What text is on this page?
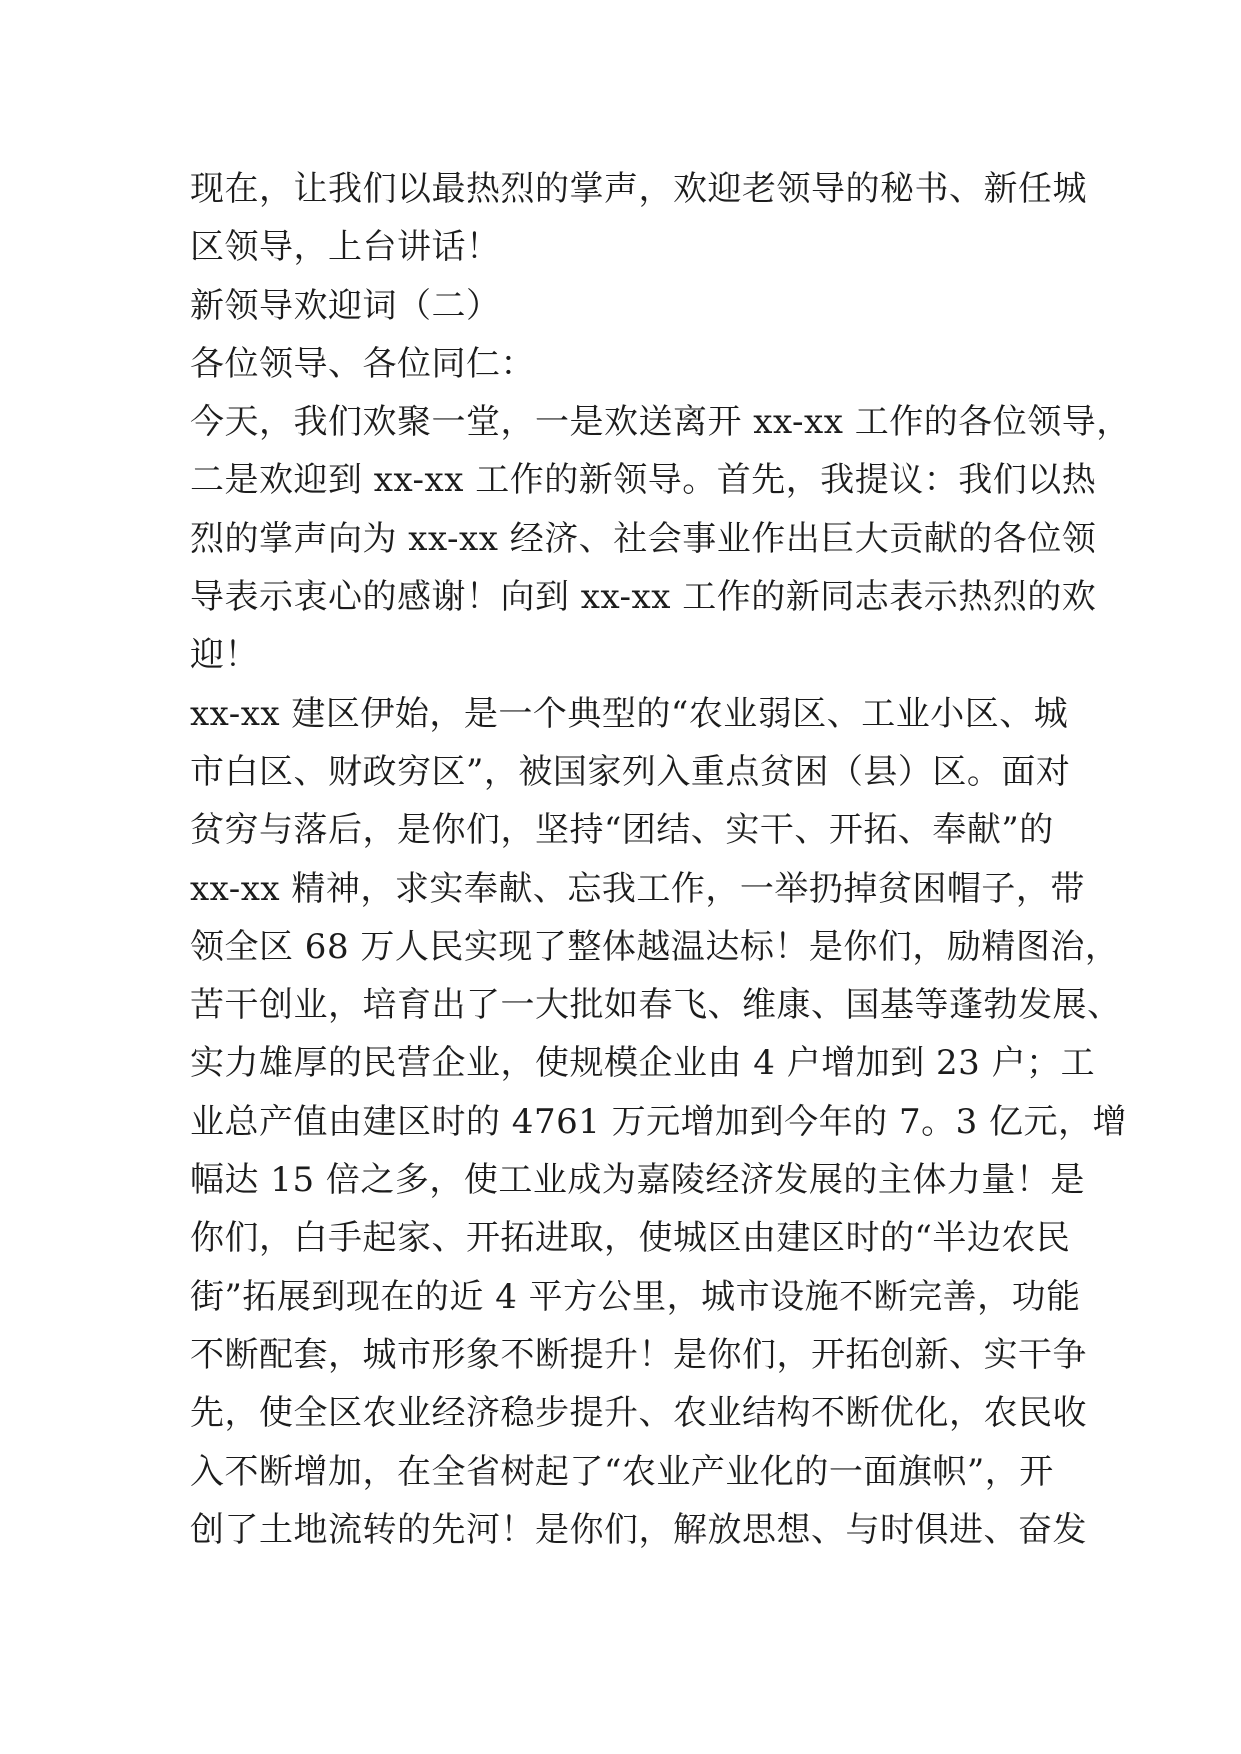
现在，让我们以最热烈的掌声，欢迎老领导的秘书、新任城
区领导，上台讲话！
新领导欢迎词（二）
各位领导、各位同仁：
今天，我们欢聚一堂，一是欢送离开 xx-xx 工作的各位领导，
二是欢迎到 xx-xx 工作的新领导。首先，我提议：我们以热
烈的掌声向为 xx-xx 经济、社会事业作出巨大贡献的各位领
导表示衷心的感谢！向到 xx-xx 工作的新同志表示热烈的欢
迎！
xx-xx 建区伊始，是一个典型的“农业弱区、工业小区、城
市白区、财政穷区”，被国家列入重点贫困（县）区。面对
贫穷与落后，是你们，坚持“团结、实干、开拓、奉献”的
xx-xx 精神，求实奉献、忘我工作，一举扔掉贫困帽子，带
领全区 68 万人民实现了整体越温达标！是你们，励精图治，
苦干创业，培育出了一大批如春飞、维康、国基等蓬勃发展、
实力雄厚的民营企业，使规模企业由 4 户增加到 23 户；工
业总产值由建区时的 4761 万元增加到今年的 7。3 亿元，增
幅达 15 倍之多，使工业成为嘉陵经济发展的主体力量！是
你们，白手起家、开拓进取，使城区由建区时的“半边农民
街”拓展到现在的近 4 平方公里，城市设施不断完善，功能
不断配套，城市形象不断提升！是你们，开拓创新、实干争
先，使全区农业经济稳步提升、农业结构不断优化，农民收
入不断增加，在全省树起了“农业产业化的一面旗帜”，开
创了土地流转的先河！是你们，解放思想、与时俱进、奋发
